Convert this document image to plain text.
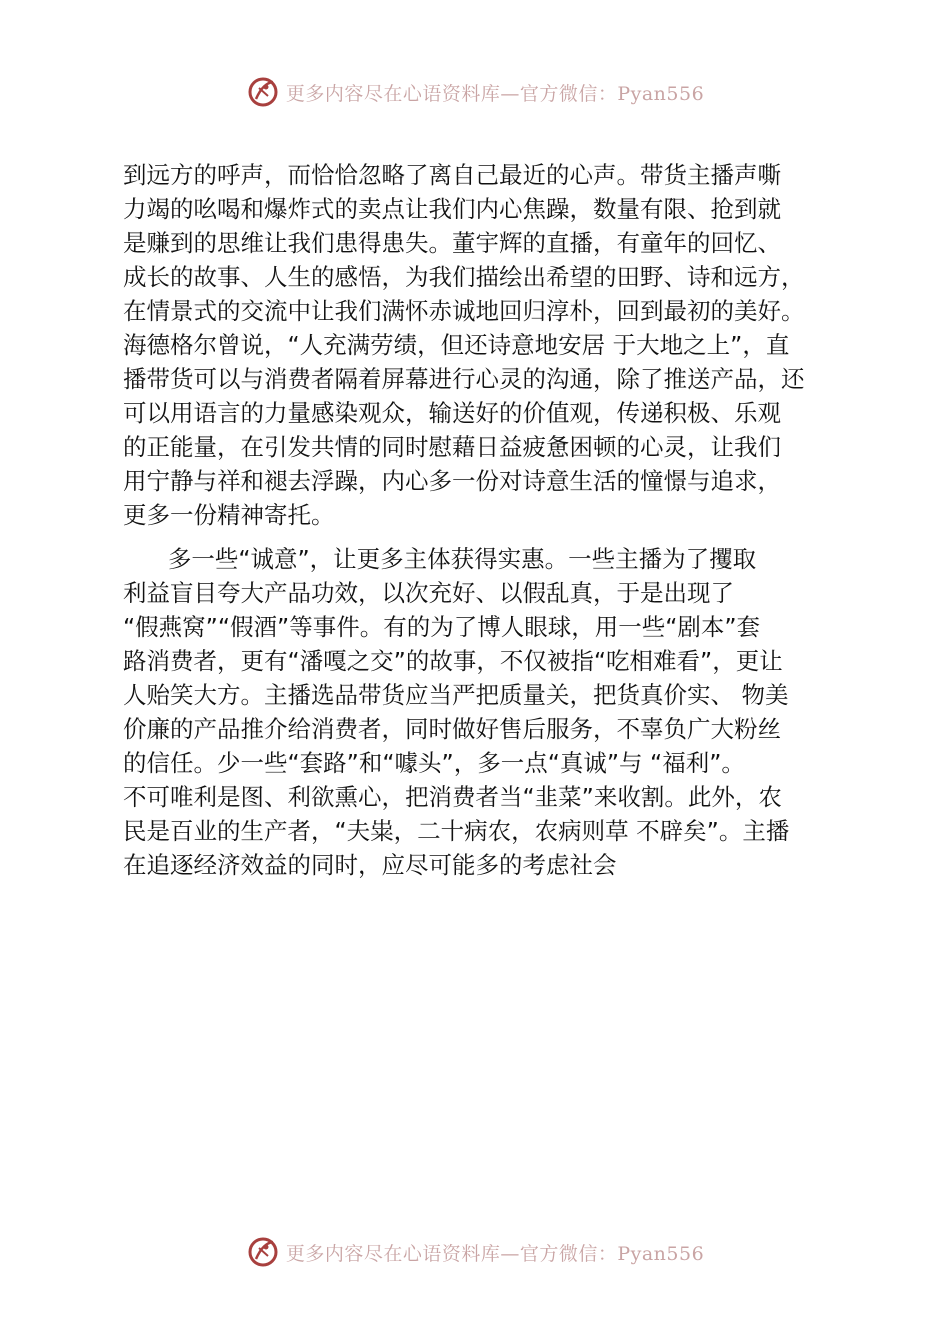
更多内容尽在心语资料库—官方微信：Pyan556
到远方的呼声，而恰恰忽略了离自己最近的心声。带货主播声嘶
力竭的吆喝和爆炸式的卖点让我们内心焦躁，数量有限、抢到就
是赚到的思维让我们患得患失。董宇辉的直播，有童年的回忆、
成长的故事、人生的感悟，为我们描绘出希望的田野、诗和远方，
在情景式的交流中让我们满怀赤诚地回归淳朴，回到最初的美好。
海德格尔曾说，“人充满劳绩，但还诗意地安居 于大地之上”，直
播带货可以与消费者隔着屏幕进行心灵的沟通，除了推送产品，还
可以用语言的力量感染观众，输送好的价值观，传递积极、乐观
的正能量，在引发共情的同时慰藉日益疲惫困顿的心灵，让我们
用宁静与祥和褪去浮躁，内心多一份对诗意生活的憧憬与追求，
更多一份精神寄托。
多一些“诚意”，让更多主体获得实惠。一些主播为了攫取
利益盲目夸大产品功效，以次充好、以假乱真，于是出现了
“假燕窝”“假酒”等事件。有的为了博人眼球，用一些“剧本”套
路消费者，更有“潘嘎之交”的故事，不仅被指“吃相难看”，更让
人贻笑大方。主播选品带货应当严把质量关，把货真价实、 物美
价廉的产品推介给消费者，同时做好售后服务，不辜负广大粉丝
的信任。少一些“套路”和“噱头”，多一点“真诚”与 “福利”。
不可唯利是图、利欲熏心，把消费者当“韭菜”来收割。此外，农
民是百业的生产者，“夫粜，二十病农，农病则草 不辟矣”。主播
在追逐经济效益的同时，应尽可能多的考虑社会
更多内容尽在心语资料库—官方微信：Pyan556
